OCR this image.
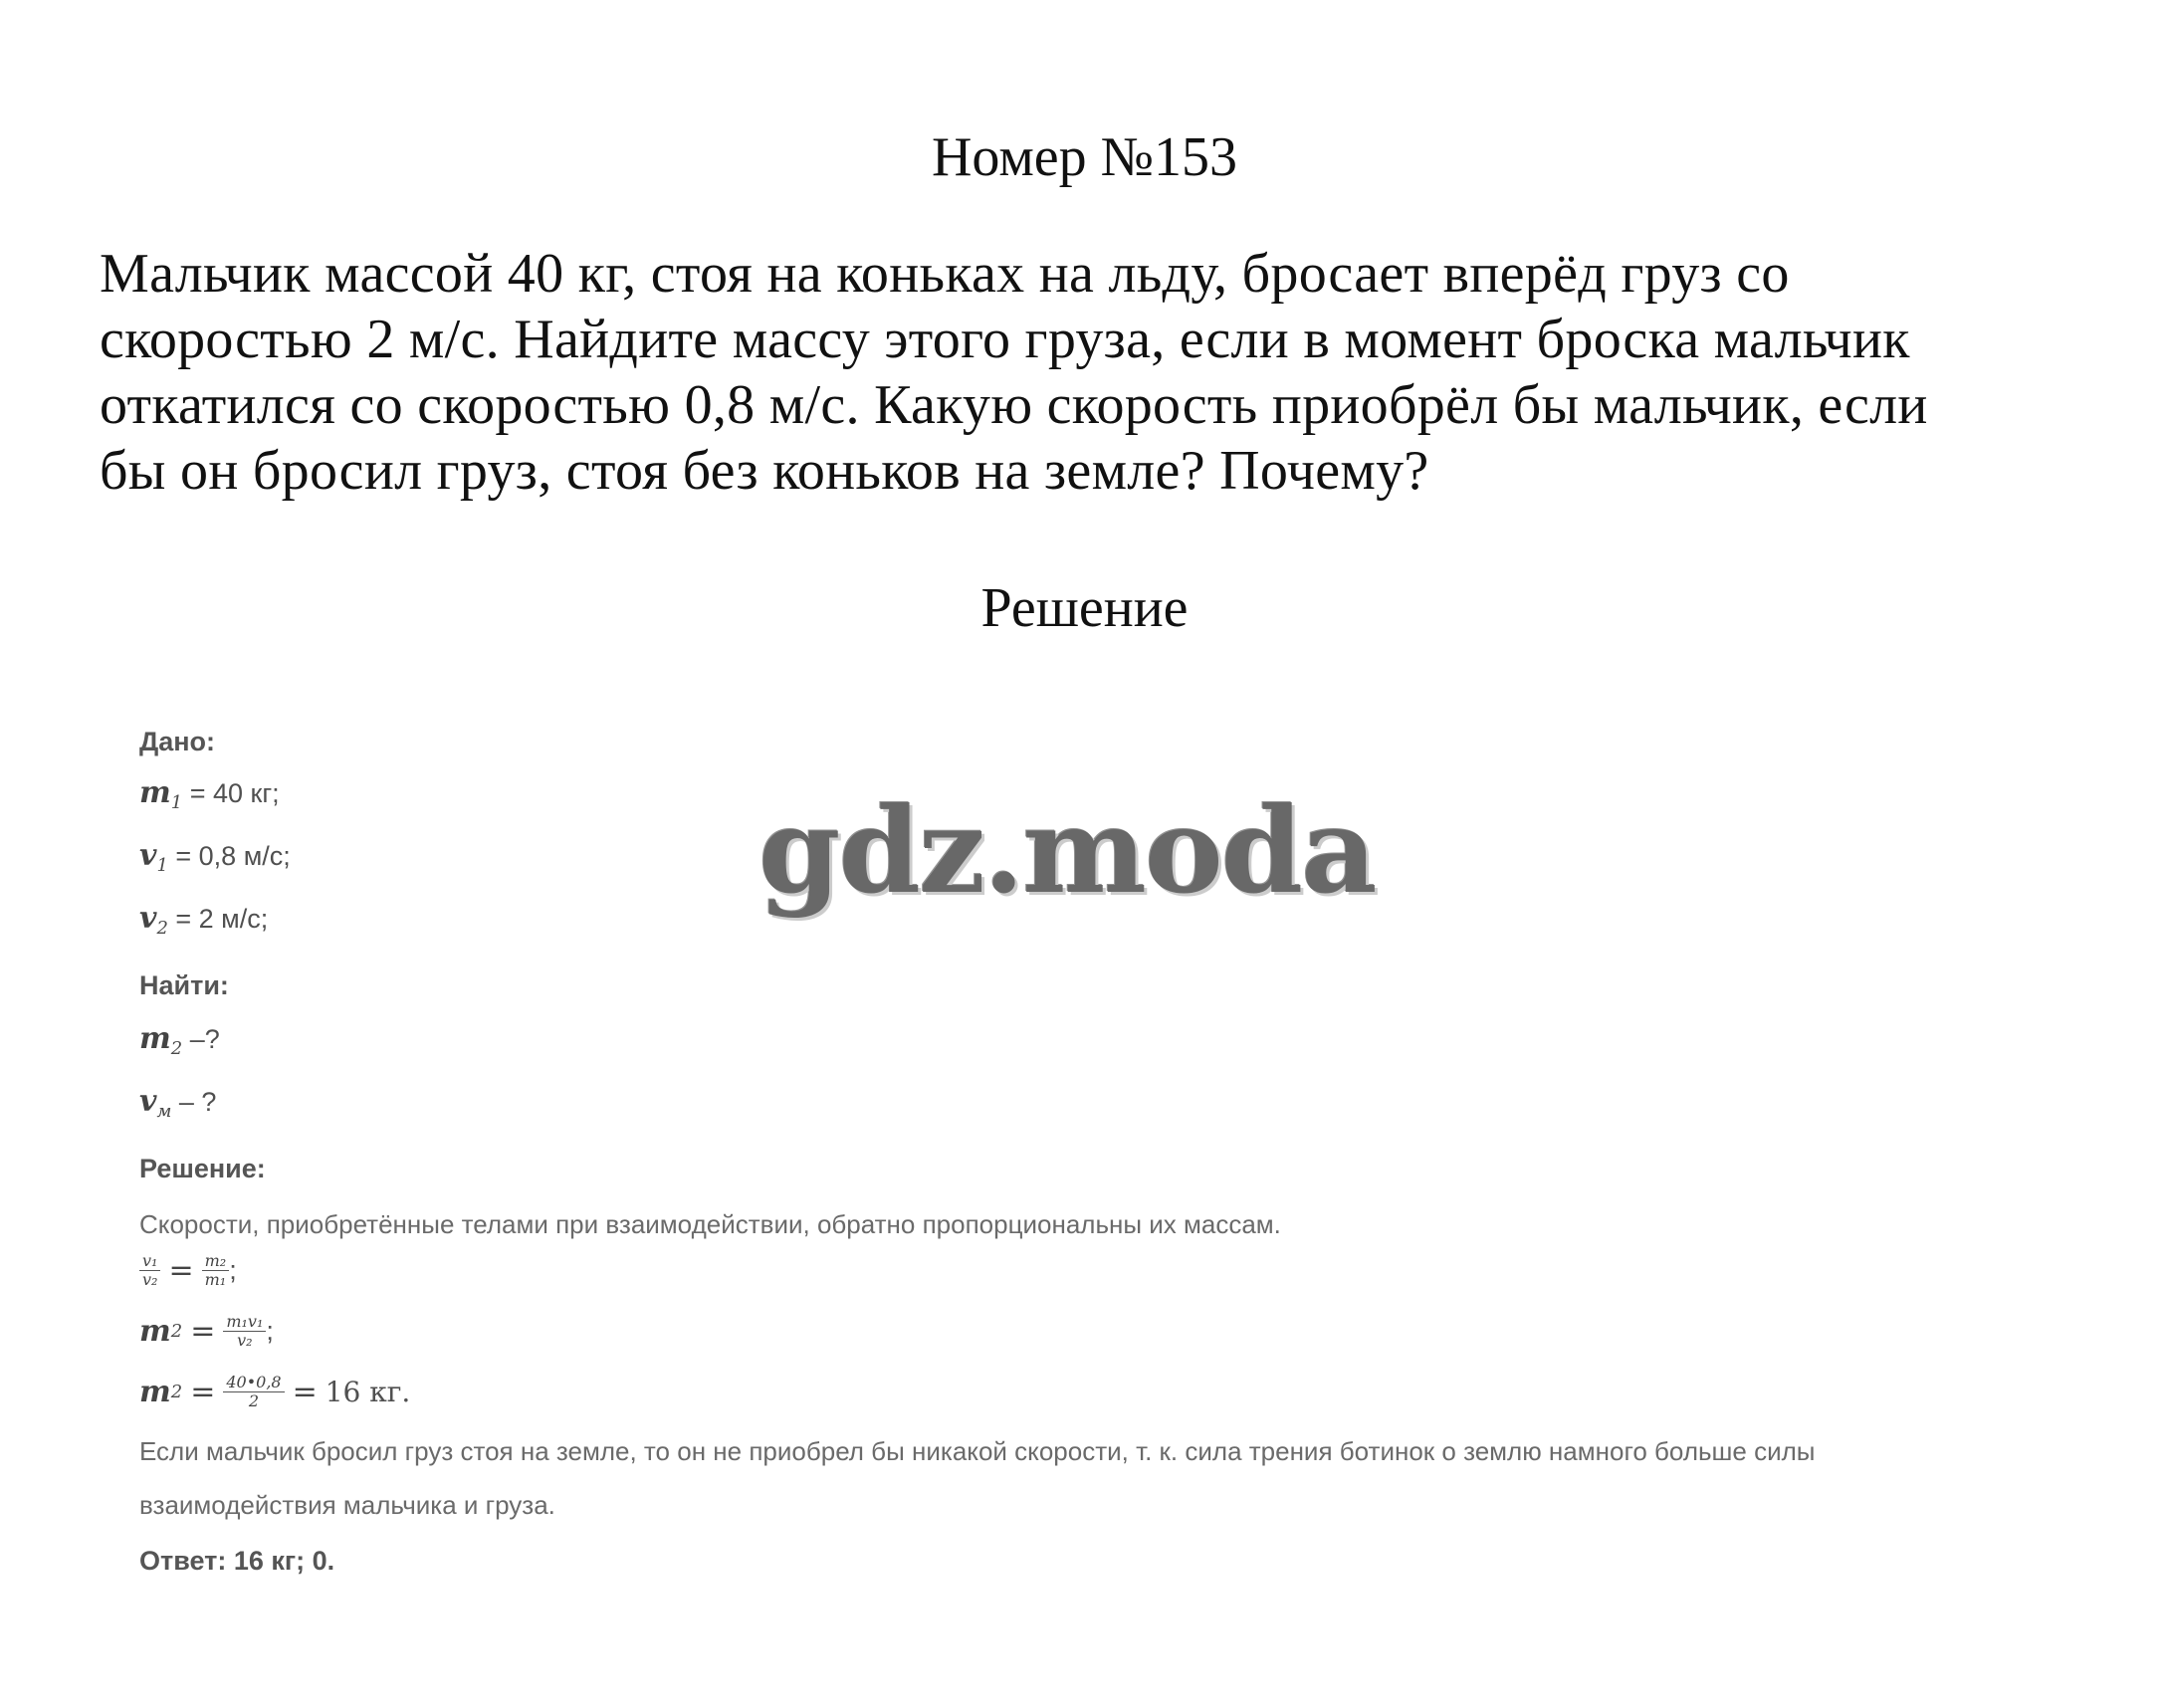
Номер №153
Мальчик массой 40 кг, стоя на коньках на льду, бросает вперёд груз со
скоростью 2 м/с. Найдите массу этого груза, если в момент броска мальчик
откатился со скоростью 0,8 м/с. Какую скорость приобрёл бы мальчик, если
бы он бросил груз, стоя без коньков на земле? Почему?
Решение
Дано:
$m_1 = 40$ кг;
$v_1 = 0,8$ м/с;
$v_2 = 2$ м/с;
Найти:
$m_2$ –?
$v_м$ – ?
Решение:
Скорости, приобретённые телами при взаимодействии, обратно пропорциональны их массам.
$\frac{\text{v₁}}{\text{v₂}} = \frac{\text{m₂}}{\text{m₁}}$ ;
m $2 = \frac{\text{m₁v₁}}{\text{v₂}}$ ;
m $2 = \frac{40•0,8}{2} = 16$ кг.
Если мальчик бросил груз стоя на земле, то он не приобрел бы никакой скорости, т. к. сила трения ботинок о землю намного больше силы
взаимодействия мальчика и груза.
Ответ: 16 кг; 0.
gdz.moda
